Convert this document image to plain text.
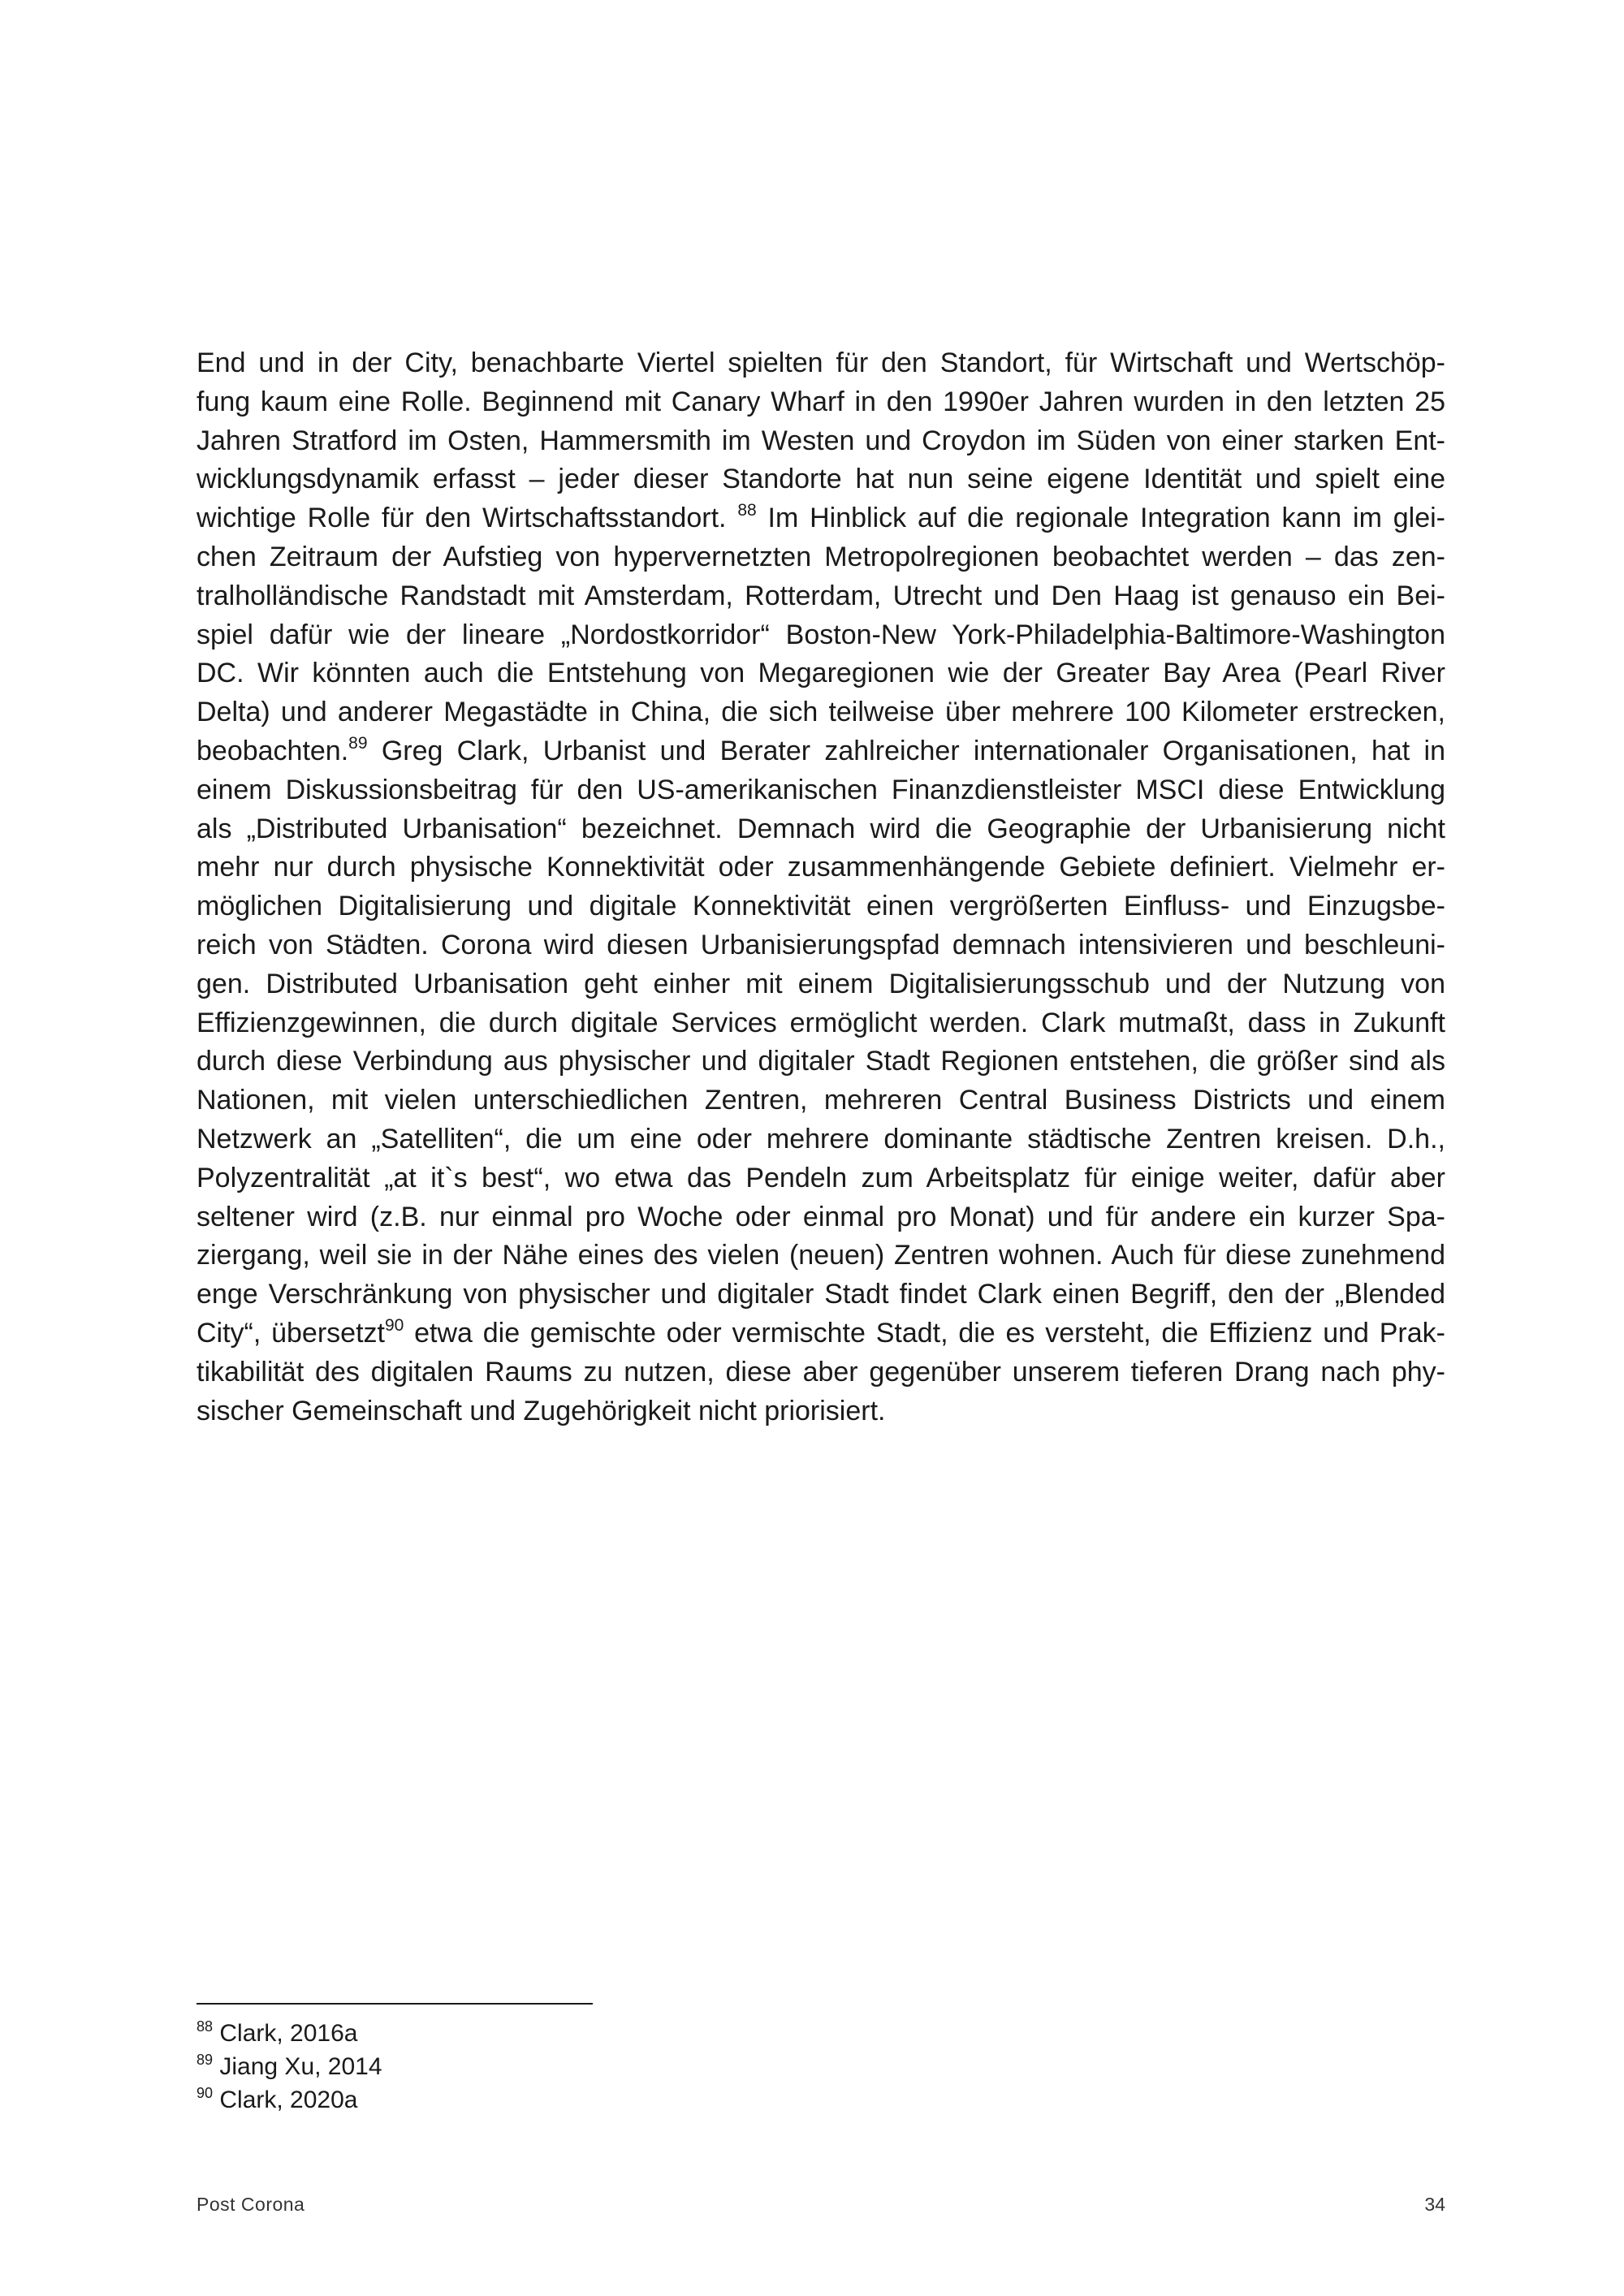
End und in der City, benachbarte Viertel spielten für den Standort, für Wirtschaft und Wertschöp-
fung kaum eine Rolle. Beginnend mit Canary Wharf in den 1990er Jahren wurden in den letzten 25
Jahren Stratford im Osten, Hammersmith im Westen und Croydon im Süden von einer starken Ent-
wicklungsdynamik erfasst – jeder dieser Standorte hat nun seine eigene Identität und spielt eine
wichtige Rolle für den Wirtschaftsstandort. $^{88}$ Im Hinblick auf die regionale Integration kann im glei-
chen Zeitraum der Aufstieg von hypervernetzten Metropolregionen beobachtet werden – das zen-
tralholländische Randstadt mit Amsterdam, Rotterdam, Utrecht und Den Haag ist genauso ein Bei-
spiel dafür wie der lineare „Nordostkorridor“ Boston-New York-Philadelphia-Baltimore-Washington
DC. Wir könnten auch die Entstehung von Megaregionen wie der Greater Bay Area (Pearl River
Delta) und anderer Megastädte in China, die sich teilweise über mehrere 100 Kilometer erstrecken,
beobachten.$^{89}$ Greg Clark, Urbanist und Berater zahlreicher internationaler Organisationen, hat in
einem Diskussionsbeitrag für den US-amerikanischen Finanzdienstleister MSCI diese Entwicklung
als „Distributed Urbanisation“ bezeichnet. Demnach wird die Geographie der Urbanisierung nicht
mehr nur durch physische Konnektivität oder zusammenhängende Gebiete definiert. Vielmehr er-
möglichen Digitalisierung und digitale Konnektivität einen vergrößerten Einfluss- und Einzugsbe-
reich von Städten. Corona wird diesen Urbanisierungspfad demnach intensivieren und beschleuni-
gen. Distributed Urbanisation geht einher mit einem Digitalisierungsschub und der Nutzung von
Effizienzgewinnen, die durch digitale Services ermöglicht werden. Clark mutmaßt, dass in Zukunft
durch diese Verbindung aus physischer und digitaler Stadt Regionen entstehen, die größer sind als
Nationen, mit vielen unterschiedlichen Zentren, mehreren Central Business Districts und einem
Netzwerk an „Satelliten“, die um eine oder mehrere dominante städtische Zentren kreisen. D.h.,
Polyzentralität „at it`s best“, wo etwa das Pendeln zum Arbeitsplatz für einige weiter, dafür aber
seltener wird (z.B. nur einmal pro Woche oder einmal pro Monat) und für andere ein kurzer Spa-
ziergang, weil sie in der Nähe eines des vielen (neuen) Zentren wohnen. Auch für diese zunehmend
enge Verschränkung von physischer und digitaler Stadt findet Clark einen Begriff, den der „Blended
City“, übersetzt$^{90}$ etwa die gemischte oder vermischte Stadt, die es versteht, die Effizienz und Prak-
tikabilität des digitalen Raums zu nutzen, diese aber gegenüber unserem tieferen Drang nach phy-
sischer Gemeinschaft und Zugehörigkeit nicht priorisiert.
$^{88}$ Clark, 2016a
$^{89}$ Jiang Xu, 2014
$^{90}$ Clark, 2020a
Post Corona	34
